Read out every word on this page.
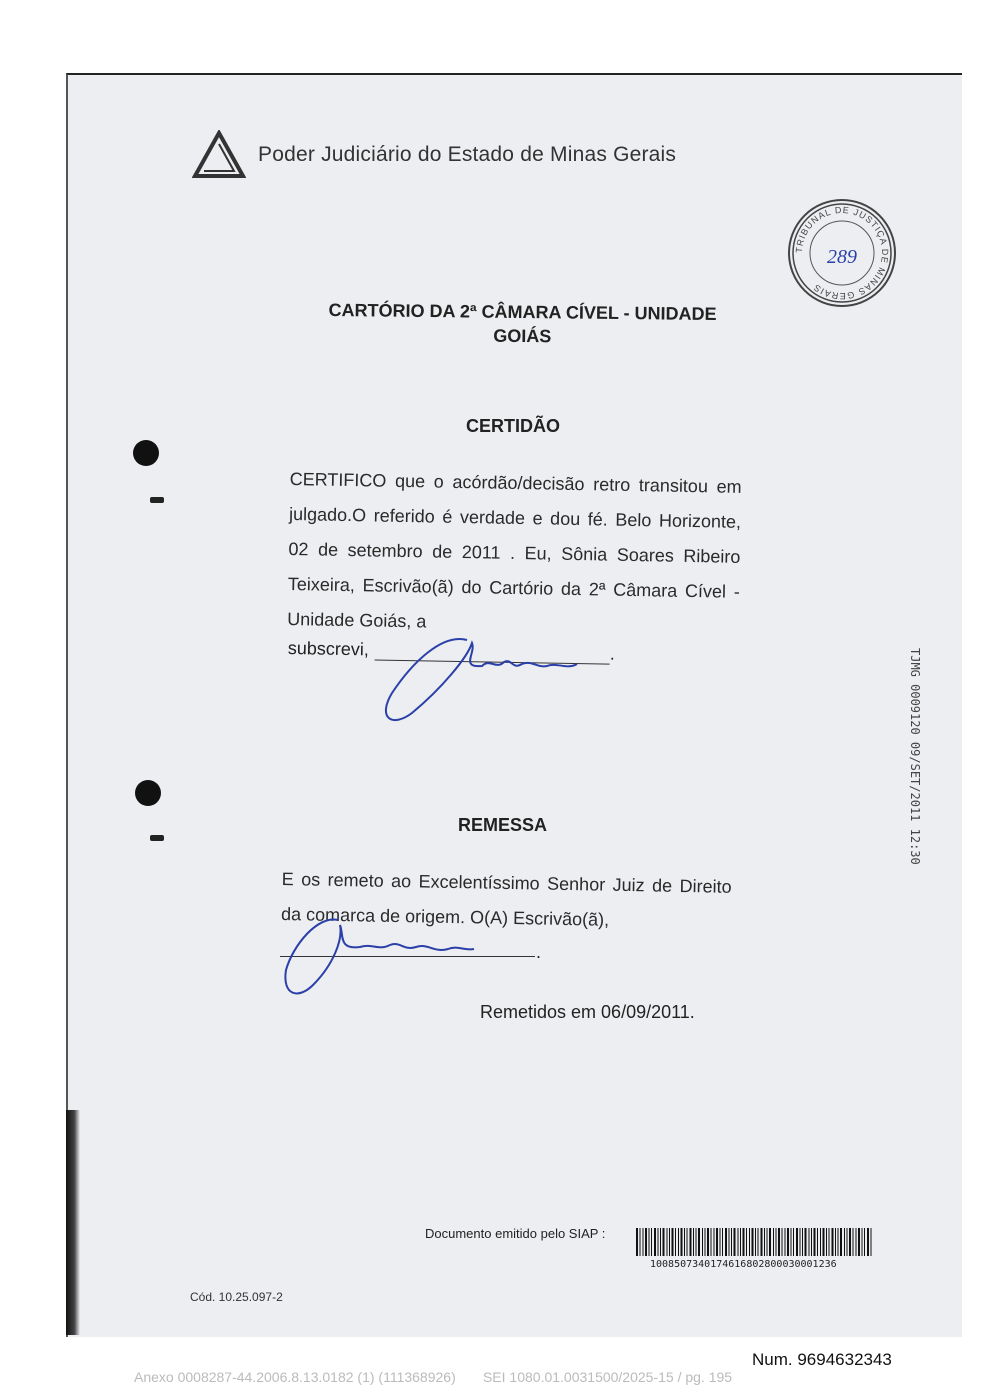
Poder Judiciário do Estado de Minas Gerais
TRIBUNAL DE JUSTIÇA DE MINAS GERAIS
289
CARTÓRIO DA 2ª CÂMARA CÍVEL - UNIDADE
GOIÁS
CERTIDÃO
CERTIFICO que o acórdão/decisão retro transitou em julgado.O referido é verdade e dou fé. Belo Horizonte, 02 de setembro de 2011 . Eu, Sônia Soares Ribeiro Teixeira, Escrivão(ã) do Cartório da 2ª Câmara Cível - Unidade Goiás, a
subscrevi,	.	TJMG 0009120 09/SET/2011 12:30
REMESSA
E os remeto ao Excelentíssimo Senhor Juiz de Direito da comarca de origem. O(A) Escrivão(ã),
.
Remetidos em 06/09/2011.
Documento emitido pelo SIAP :
1008507340174616802800030001236
Cód. 10.25.097-2
Num. 9694632343
Anexo 0008287-44.2006.8.13.0182 (1) (111368926)       SEI 1080.01.0031500/2025-15 / pg. 195
